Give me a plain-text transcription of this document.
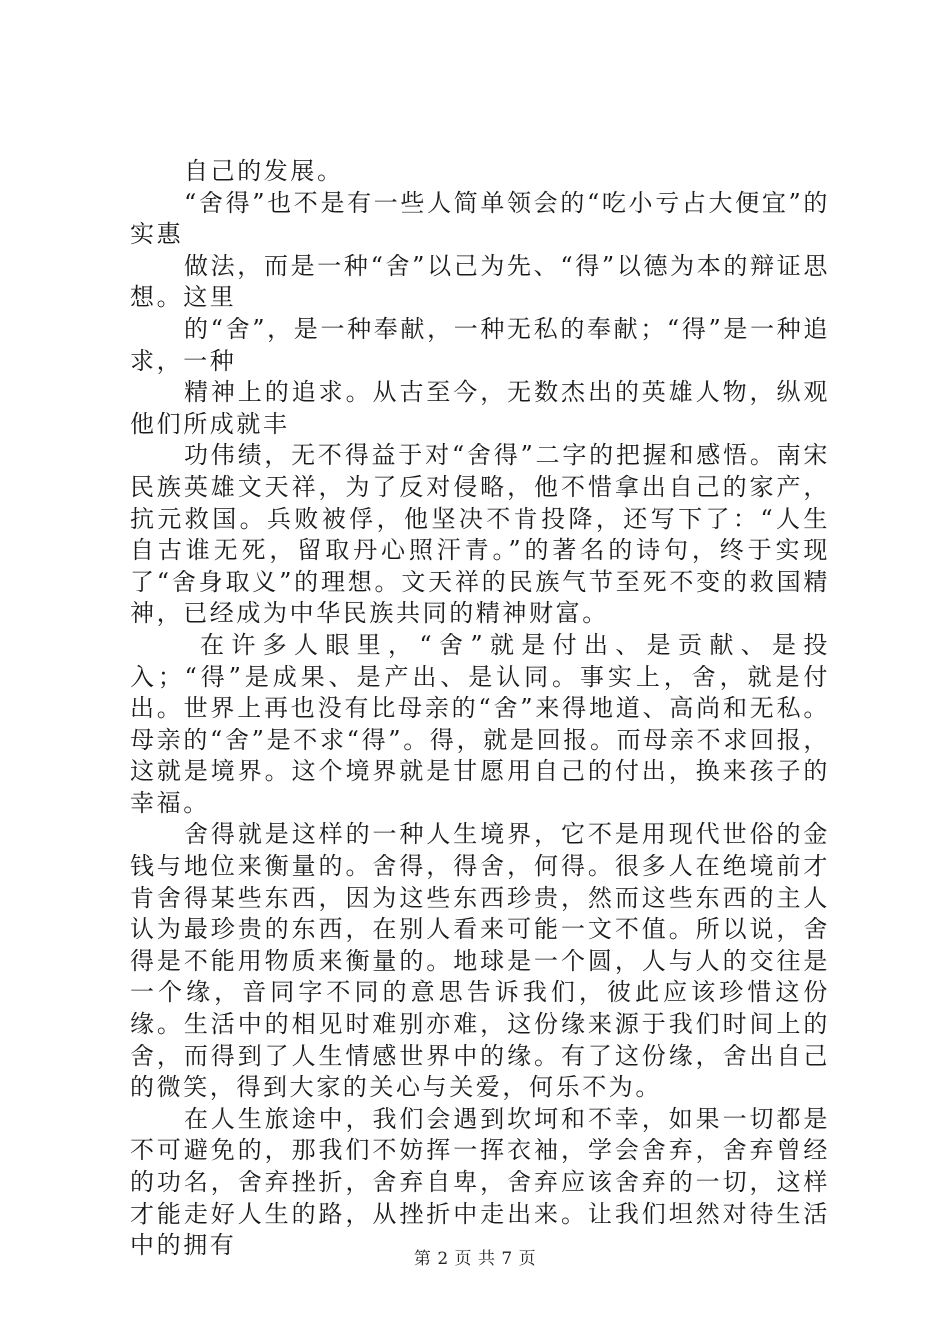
自己的发展。

“舍得”也不是有一些人简单领会的“吃小亏占大便宜”的实惠

做法，而是一种“舍”以己为先、“得”以德为本的辩证思想。这里

的“舍”，是一种奉献，一种无私的奉献；“得”是一种追求，一种

精神上的追求。从古至今，无数杰出的英雄人物，纵观他们所成就丰

功伟绩，无不得益于对“舍得”二字的把握和感悟。南宋民族英雄文天祥，为了反对侵略，他不惜拿出自己的家产，抗元救国。兵败被俘，他坚决不肯投降，还写下了：“人生自古谁无死，留取丹心照汗青。”的著名的诗句，终于实现了“舍身取义”的理想。文天祥的民族气节至死不变的救国精神，已经成为中华民族共同的精神财富。

在许多人眼里，“舍”就是付出、是贡献、是投入；“得”是成果、是产出、是认同。事实上，舍，就是付出。世界上再也没有比母亲的“舍”来得地道、高尚和无私。母亲的“舍”是不求“得”。得，就是回报。而母亲不求回报，这就是境界。这个境界就是甘愿用自己的付出，换来孩子的幸福。

舍得就是这样的一种人生境界，它不是用现代世俗的金钱与地位来衡量的。舍得，得舍，何得。很多人在绝境前才肯舍得某些东西，因为这些东西珍贵，然而这些东西的主人认为最珍贵的东西，在别人看来可能一文不值。所以说，舍得是不能用物质来衡量的。地球是一个圆，人与人的交往是一个缘，音同字不同的意思告诉我们，彼此应该珍惜这份缘。生活中的相见时难别亦难，这份缘来源于我们时间上的舍，而得到了人生情感世界中的缘。有了这份缘，舍出自己的微笑，得到大家的关心与关爱，何乐不为。

在人生旅途中，我们会遇到坎坷和不幸，如果一切都是不可避免的，那我们不妨挥一挥衣袖，学会舍弃，舍弃曾经的功名，舍弃挫折，舍弃自卑，舍弃应该舍弃的一切，这样才能走好人生的路，从挫折中走出来。让我们坦然对待生活中的拥有	第 2 页 共 7 页
